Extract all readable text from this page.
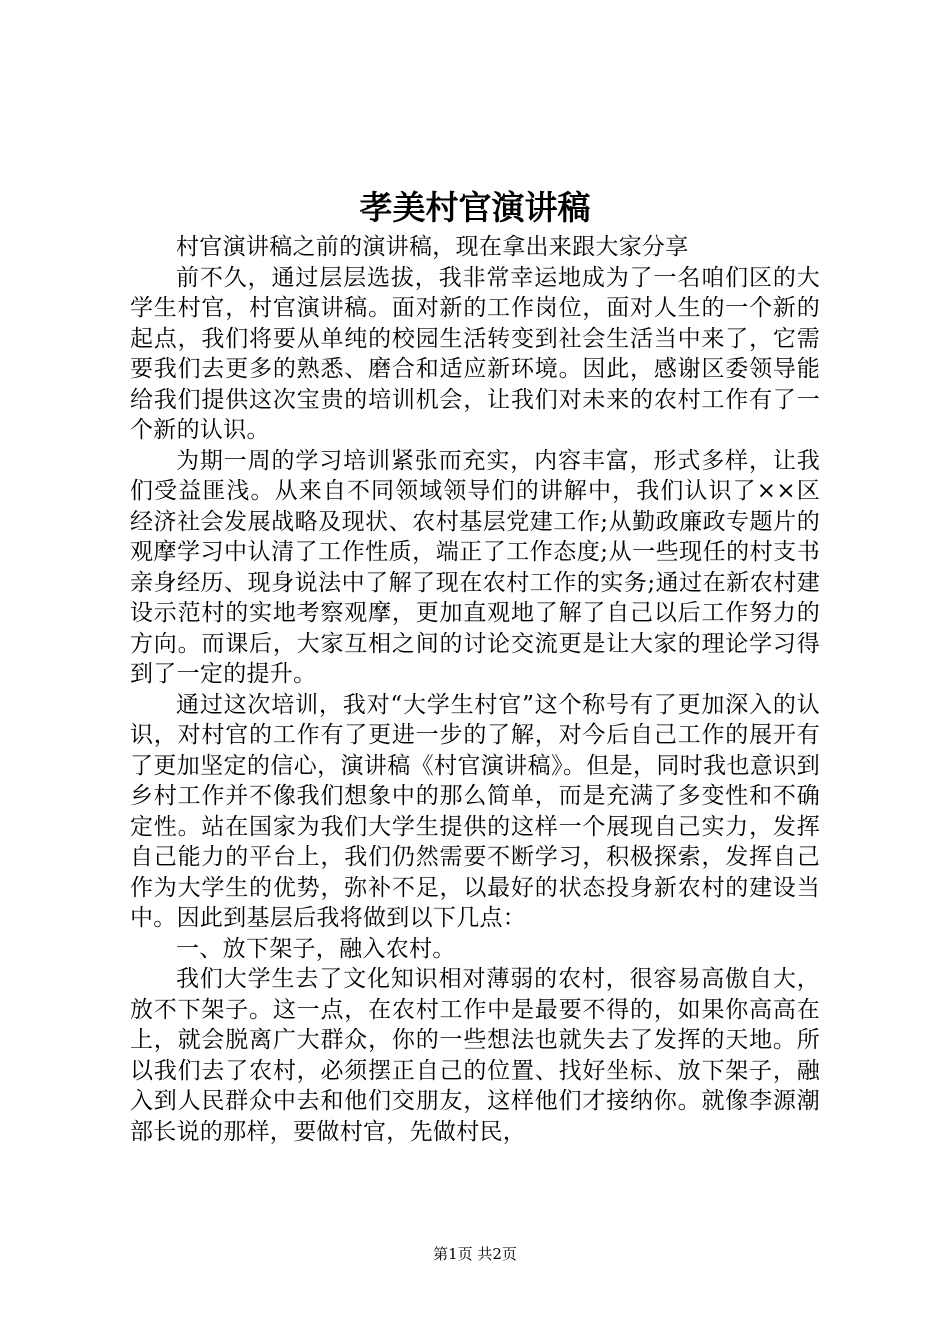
孝美村官演讲稿

村官演讲稿之前的演讲稿，现在拿出来跟大家分享

前不久，通过层层选拔，我非常幸运地成为了一名咱们区的大学生村官，村官演讲稿。面对新的工作岗位，面对人生的一个新的起点，我们将要从单纯的校园生活转变到社会生活当中来了，它需要我们去更多的熟悉、磨合和适应新环境。因此，感谢区委领导能给我们提供这次宝贵的培训机会，让我们对未来的农村工作有了一个新的认识。

为期一周的学习培训紧张而充实，内容丰富，形式多样，让我们受益匪浅。从来自不同领域领导们的讲解中，我们认识了××区经济社会发展战略及现状、农村基层党建工作;从勤政廉政专题片的观摩学习中认清了工作性质，端正了工作态度;从一些现任的村支书亲身经历、现身说法中了解了现在农村工作的实务;通过在新农村建设示范村的实地考察观摩，更加直观地了解了自己以后工作努力的方向。而课后，大家互相之间的讨论交流更是让大家的理论学习得到了一定的提升。

通过这次培训，我对“大学生村官”这个称号有了更加深入的认识，对村官的工作有了更进一步的了解，对今后自己工作的展开有了更加坚定的信心，演讲稿《村官演讲稿》。但是，同时我也意识到乡村工作并不像我们想象中的那么简单，而是充满了多变性和不确定性。站在国家为我们大学生提供的这样一个展现自己实力，发挥自己能力的平台上，我们仍然需要不断学习，积极探索，发挥自己作为大学生的优势，弥补不足，以最好的状态投身新农村的建设当中。因此到基层后我将做到以下几点：

一、放下架子，融入农村。

我们大学生去了文化知识相对薄弱的农村，很容易高傲自大，放不下架子。这一点，在农村工作中是最要不得的，如果你高高在上，就会脱离广大群众，你的一些想法也就失去了发挥的天地。所以我们去了农村，必须摆正自己的位置、找好坐标、放下架子，融入到人民群众中去和他们交朋友，这样他们才接纳你。就像李源潮部长说的那样，要做村官，先做村民，

第1页 共2页
